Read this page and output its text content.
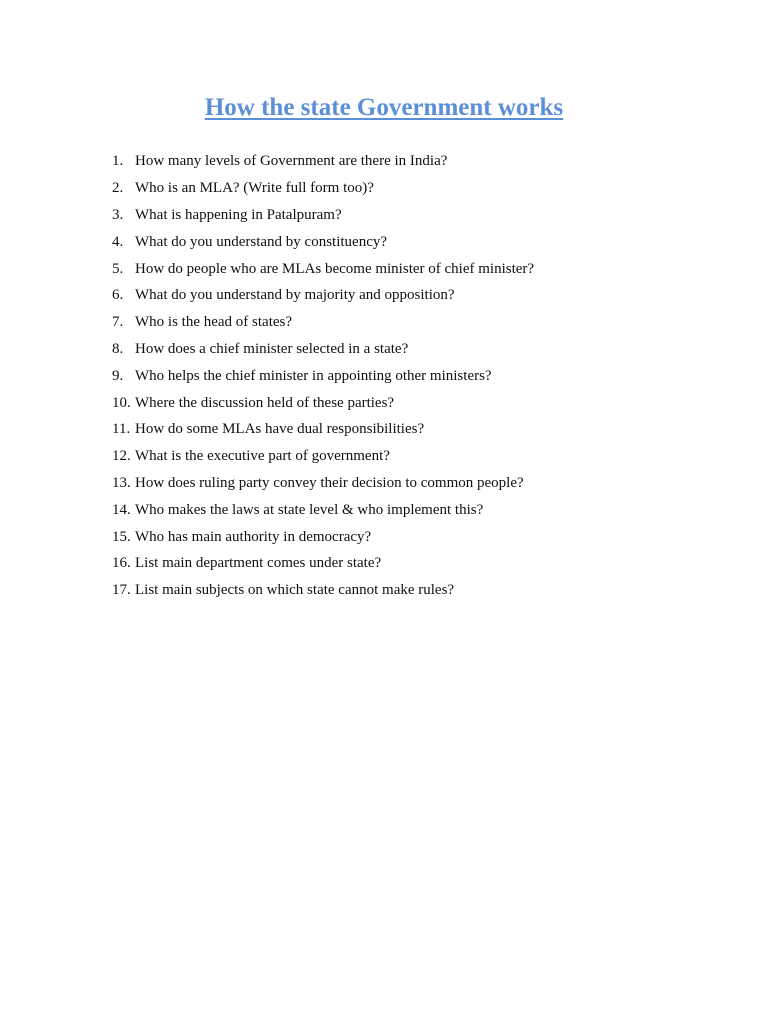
How the state Government works
1. How many levels of Government are there in India?
2. Who is an MLA? (Write full form too)?
3. What is happening in Patalpuram?
4. What do you understand by constituency?
5. How do people who are MLAs become minister of chief minister?
6. What do you understand by majority and opposition?
7. Who is the head of states?
8. How does a chief minister selected in a state?
9. Who helps the chief minister in appointing other ministers?
10. Where the discussion held of these parties?
11. How do some MLAs have dual responsibilities?
12. What is the executive part of government?
13. How does ruling party convey their decision to common people?
14. Who makes the laws at state level & who implement this?
15. Who has main authority in democracy?
16. List main department comes under state?
17. List main subjects on which state cannot make rules?
